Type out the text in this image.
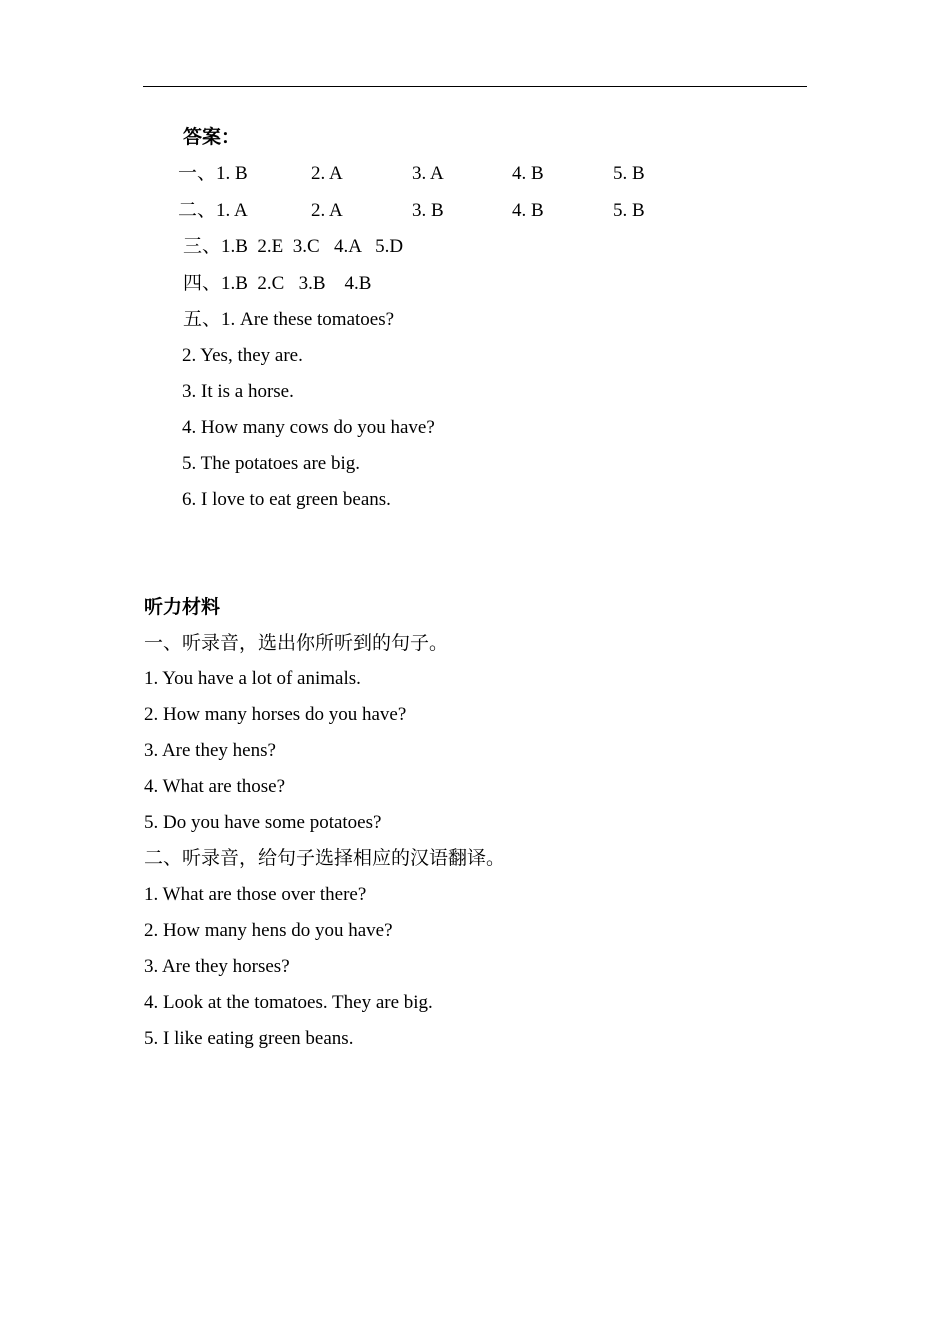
答案：
一、 1. B	2. A	3. A	4. B	5. B
二、 1. A	2. A	3. B	4. B	5. B
三、1.B  2.E  3.C   4.A   5.D
四、1.B  2.C   3.B    4.B
五、1. Are these tomatoes?
2. Yes, they are.
3. It is a horse.
4. How many cows do you have?
5. The potatoes are big.
6. I love to eat green beans.
听力材料
一、听录音，选出你所听到的句子。
1. You have a lot of animals.
2. How many horses do you have?
3. Are they hens?
4. What are those?
5. Do you have some potatoes?
二、听录音，给句子选择相应的汉语翻译。
1. What are those over there?
2. How many hens do you have?
3. Are they horses?
4. Look at the tomatoes. They are big.
5. I like eating green beans.
